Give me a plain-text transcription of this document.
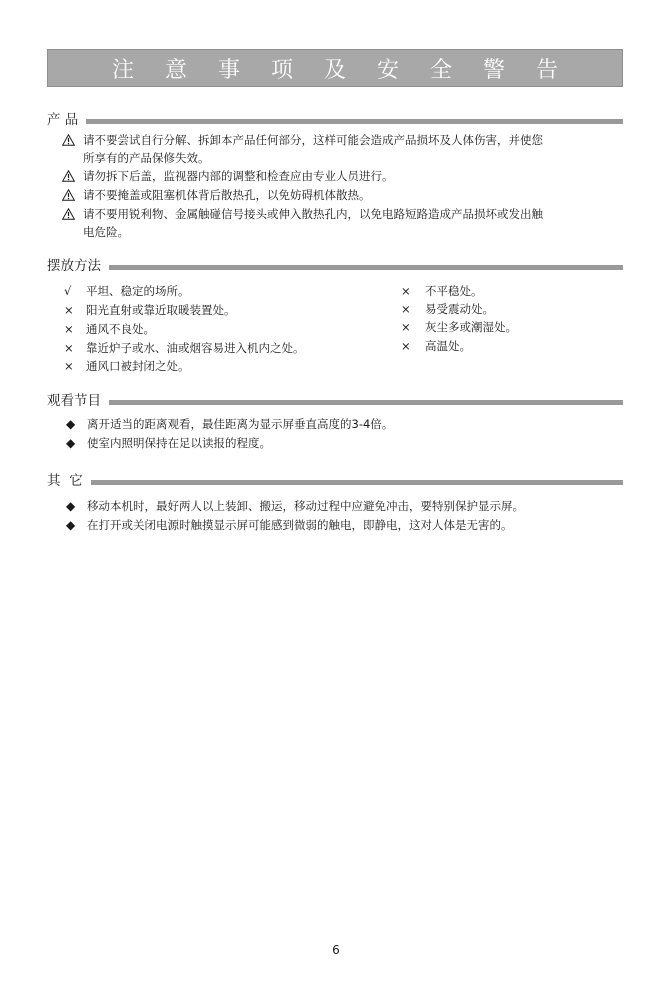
注 意 事 项 及 安 全 警 告
产 品
请不要尝试自行分解、拆卸本产品任何部分，这样可能会造成产品损坏及人体伤害，并使您
所享有的产品保修失效。
请勿拆下后盖，监视器内部的调整和检查应由专业人员进行。
请不要掩盖或阻塞机体背后散热孔，以免妨碍机体散热。
请不要用锐利物、金属触碰信号接头或伸入散热孔内，以免电路短路造成产品损坏或发出触
电危险。
摆放方法
√ 平坦、稳定的场所。
× 阳光直射或靠近取暖装置处。
× 通风不良处。
× 靠近炉子或水、油或烟容易进入机内之处。
× 通风口被封闭之处。
× 不平稳处。
× 易受震动处。
× 灰尘多或潮湿处。
× 高温处。
观看节目
◆ 离开适当的距离观看，最佳距离为显示屏垂直高度的3-4倍。
◆ 使室内照明保持在足以读报的程度。
其  它
◆ 移动本机时，最好两人以上装卸、搬运，移动过程中应避免冲击，要特别保护显示屏。
◆ 在打开或关闭电源时触摸显示屏可能感到微弱的触电，即静电，这对人体是无害的。
6
